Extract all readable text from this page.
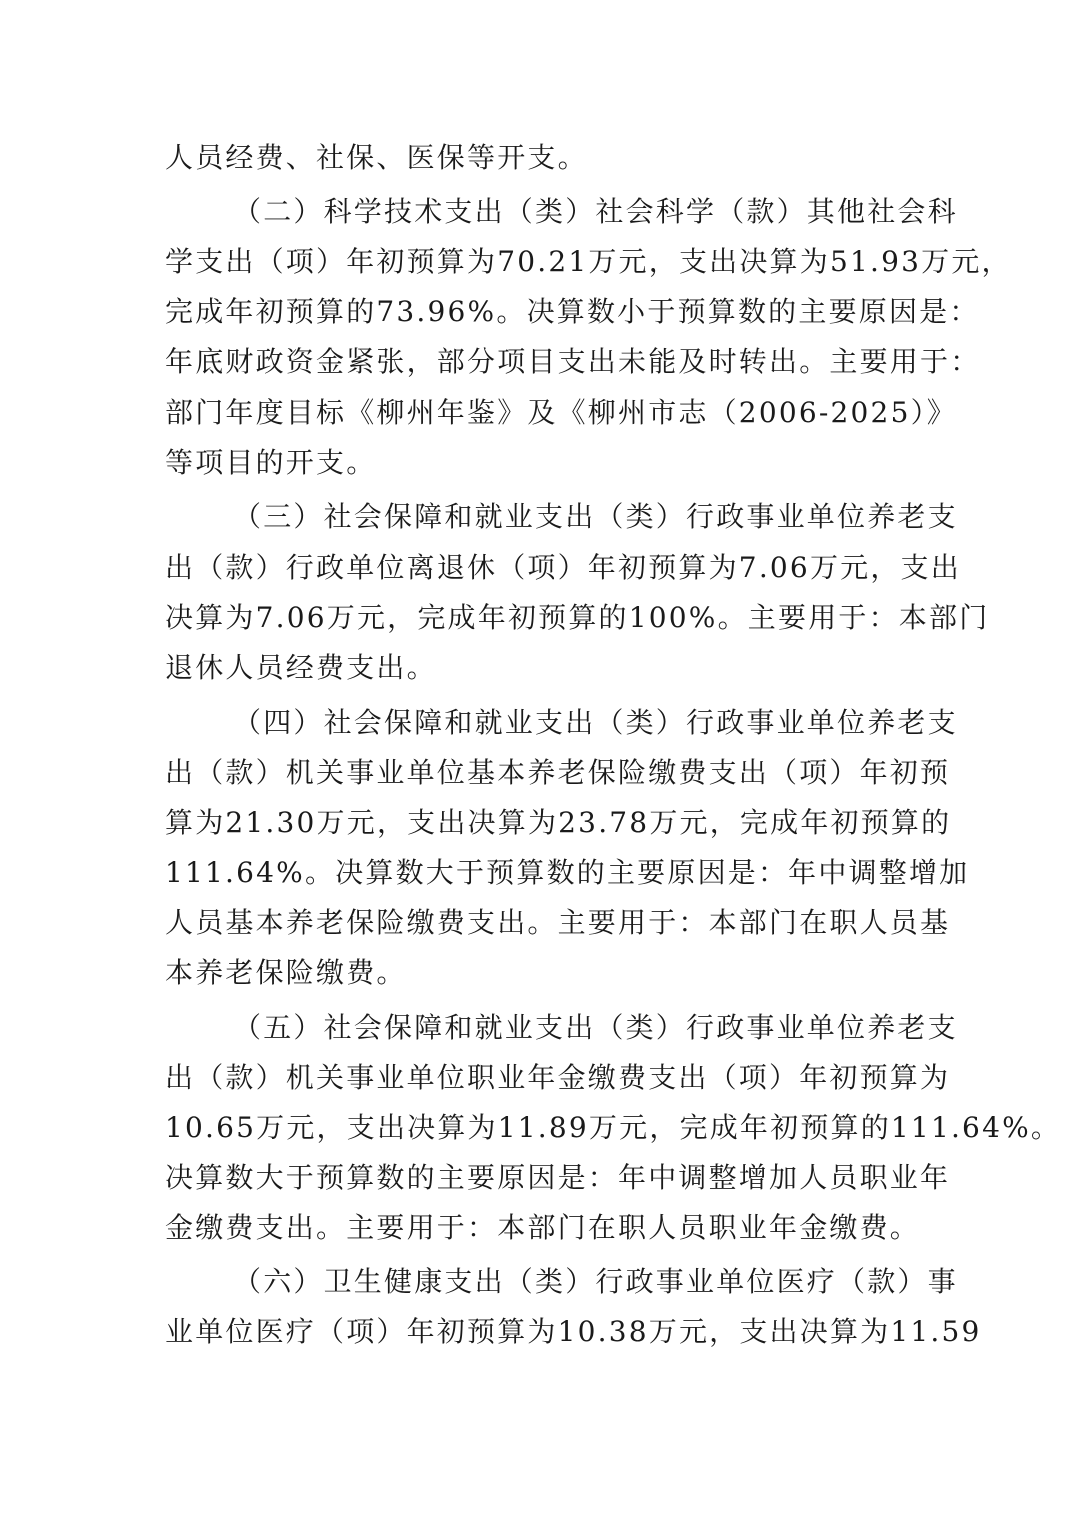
人员经费、社保、医保等开支。
（二）科学技术支出（类）社会科学（款）其他社会科
学支出（项）年初预算为70.21万元，支出决算为51.93万元，
完成年初预算的73.96%。决算数小于预算数的主要原因是：
年底财政资金紧张，部分项目支出未能及时转出。主要用于：
部门年度目标《柳州年鉴》及《柳州市志（2006-2025）》
等项目的开支。
（三）社会保障和就业支出（类）行政事业单位养老支
出（款）行政单位离退休（项）年初预算为7.06万元，支出
决算为7.06万元，完成年初预算的100%。主要用于：本部门
退休人员经费支出。
（四）社会保障和就业支出（类）行政事业单位养老支
出（款）机关事业单位基本养老保险缴费支出（项）年初预
算为21.30万元，支出决算为23.78万元，完成年初预算的
111.64%。决算数大于预算数的主要原因是：年中调整增加
人员基本养老保险缴费支出。主要用于：本部门在职人员基
本养老保险缴费。
（五）社会保障和就业支出（类）行政事业单位养老支
出（款）机关事业单位职业年金缴费支出（项）年初预算为
10.65万元，支出决算为11.89万元，完成年初预算的111.64%。
决算数大于预算数的主要原因是：年中调整增加人员职业年
金缴费支出。主要用于：本部门在职人员职业年金缴费。
（六）卫生健康支出（类）行政事业单位医疗（款）事
业单位医疗（项）年初预算为10.38万元，支出决算为11.59
